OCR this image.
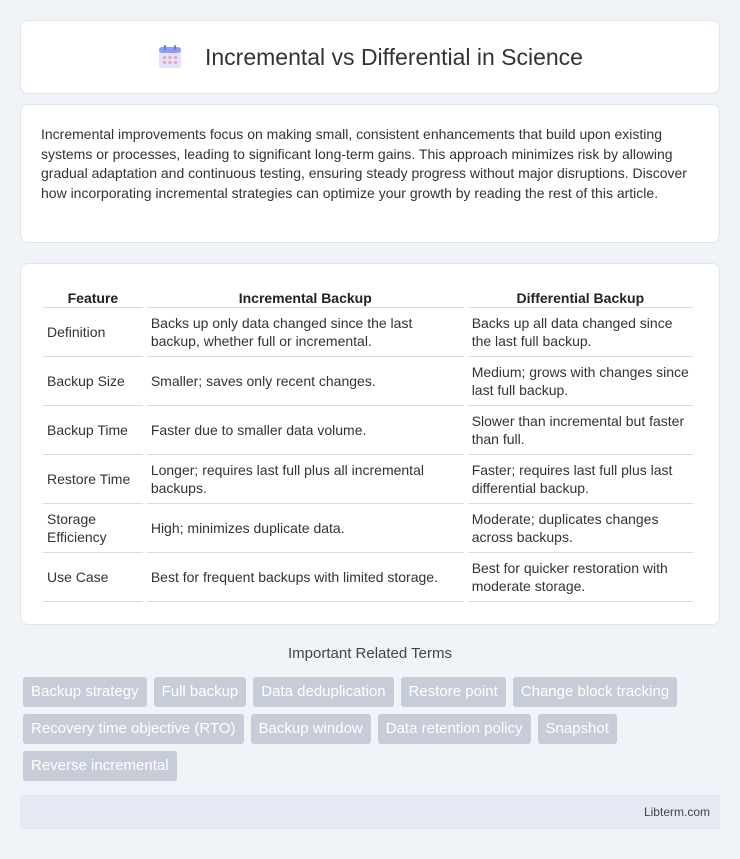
Incremental vs Differential in Science

Incremental improvements focus on making small, consistent enhancements that build upon existing systems or processes, leading to significant long-term gains. This approach minimizes risk by allowing gradual adaptation and continuous testing, ensuring steady progress without major disruptions. Discover how incorporating incremental strategies can optimize your growth by reading the rest of this article.

Feature	Incremental Backup	Differential Backup
Definition	Backs up only data changed since the last backup, whether full or incremental.	Backs up all data changed since the last full backup.
Backup Size	Smaller; saves only recent changes.	Medium; grows with changes since last full backup.
Backup Time	Faster due to smaller data volume.	Slower than incremental but faster than full.
Restore Time	Longer; requires last full plus all incremental backups.	Faster; requires last full plus last differential backup.
Storage Efficiency	High; minimizes duplicate data.	Moderate; duplicates changes across backups.
Use Case	Best for frequent backups with limited storage.	Best for quicker restoration with moderate storage.
Important Related Terms
Backup strategy	Full backup	Data deduplication	Restore point	Change block tracking
Recovery time objective (RTO)	Backup window	Data retention policy	Snapshot
Reverse incremental
Libterm.com
